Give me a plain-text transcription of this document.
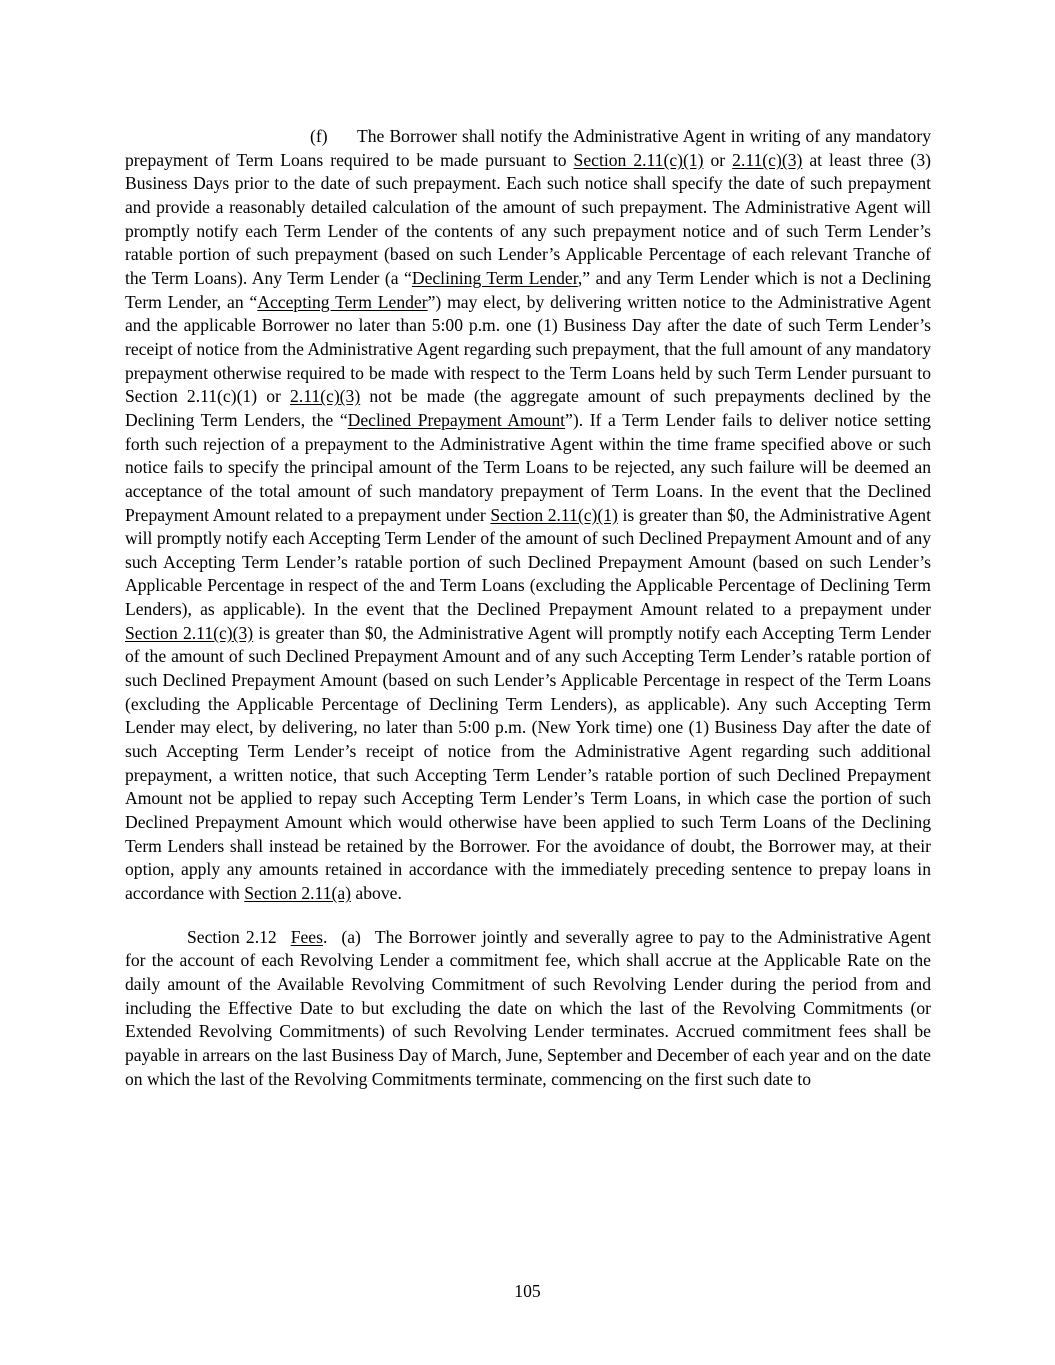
(f) The Borrower shall notify the Administrative Agent in writing of any mandatory prepayment of Term Loans required to be made pursuant to Section 2.11(c)(1) or 2.11(c)(3) at least three (3) Business Days prior to the date of such prepayment. Each such notice shall specify the date of such prepayment and provide a reasonably detailed calculation of the amount of such prepayment. The Administrative Agent will promptly notify each Term Lender of the contents of any such prepayment notice and of such Term Lender’s ratable portion of such prepayment (based on such Lender’s Applicable Percentage of each relevant Tranche of the Term Loans). Any Term Lender (a “Declining Term Lender,” and any Term Lender which is not a Declining Term Lender, an “Accepting Term Lender”) may elect, by delivering written notice to the Administrative Agent and the applicable Borrower no later than 5:00 p.m. one (1) Business Day after the date of such Term Lender’s receipt of notice from the Administrative Agent regarding such prepayment, that the full amount of any mandatory prepayment otherwise required to be made with respect to the Term Loans held by such Term Lender pursuant to Section 2.11(c)(1) or 2.11(c)(3) not be made (the aggregate amount of such prepayments declined by the Declining Term Lenders, the “Declined Prepayment Amount”). If a Term Lender fails to deliver notice setting forth such rejection of a prepayment to the Administrative Agent within the time frame specified above or such notice fails to specify the principal amount of the Term Loans to be rejected, any such failure will be deemed an acceptance of the total amount of such mandatory prepayment of Term Loans. In the event that the Declined Prepayment Amount related to a prepayment under Section 2.11(c)(1) is greater than $0, the Administrative Agent will promptly notify each Accepting Term Lender of the amount of such Declined Prepayment Amount and of any such Accepting Term Lender’s ratable portion of such Declined Prepayment Amount (based on such Lender’s Applicable Percentage in respect of the and Term Loans (excluding the Applicable Percentage of Declining Term Lenders), as applicable). In the event that the Declined Prepayment Amount related to a prepayment under Section 2.11(c)(3) is greater than $0, the Administrative Agent will promptly notify each Accepting Term Lender of the amount of such Declined Prepayment Amount and of any such Accepting Term Lender’s ratable portion of such Declined Prepayment Amount (based on such Lender’s Applicable Percentage in respect of the Term Loans (excluding the Applicable Percentage of Declining Term Lenders), as applicable). Any such Accepting Term Lender may elect, by delivering, no later than 5:00 p.m. (New York time) one (1) Business Day after the date of such Accepting Term Lender’s receipt of notice from the Administrative Agent regarding such additional prepayment, a written notice, that such Accepting Term Lender’s ratable portion of such Declined Prepayment Amount not be applied to repay such Accepting Term Lender’s Term Loans, in which case the portion of such Declined Prepayment Amount which would otherwise have been applied to such Term Loans of the Declining Term Lenders shall instead be retained by the Borrower. For the avoidance of doubt, the Borrower may, at their option, apply any amounts retained in accordance with the immediately preceding sentence to prepay loans in accordance with Section 2.11(a) above.

Section 2.12 Fees. (a) The Borrower jointly and severally agree to pay to the Administrative Agent for the account of each Revolving Lender a commitment fee, which shall accrue at the Applicable Rate on the daily amount of the Available Revolving Commitment of such Revolving Lender during the period from and including the Effective Date to but excluding the date on which the last of the Revolving Commitments (or Extended Revolving Commitments) of such Revolving Lender terminates. Accrued commitment fees shall be payable in arrears on the last Business Day of March, June, September and December of each year and on the date on which the last of the Revolving Commitments terminate, commencing on the first such date to

105
